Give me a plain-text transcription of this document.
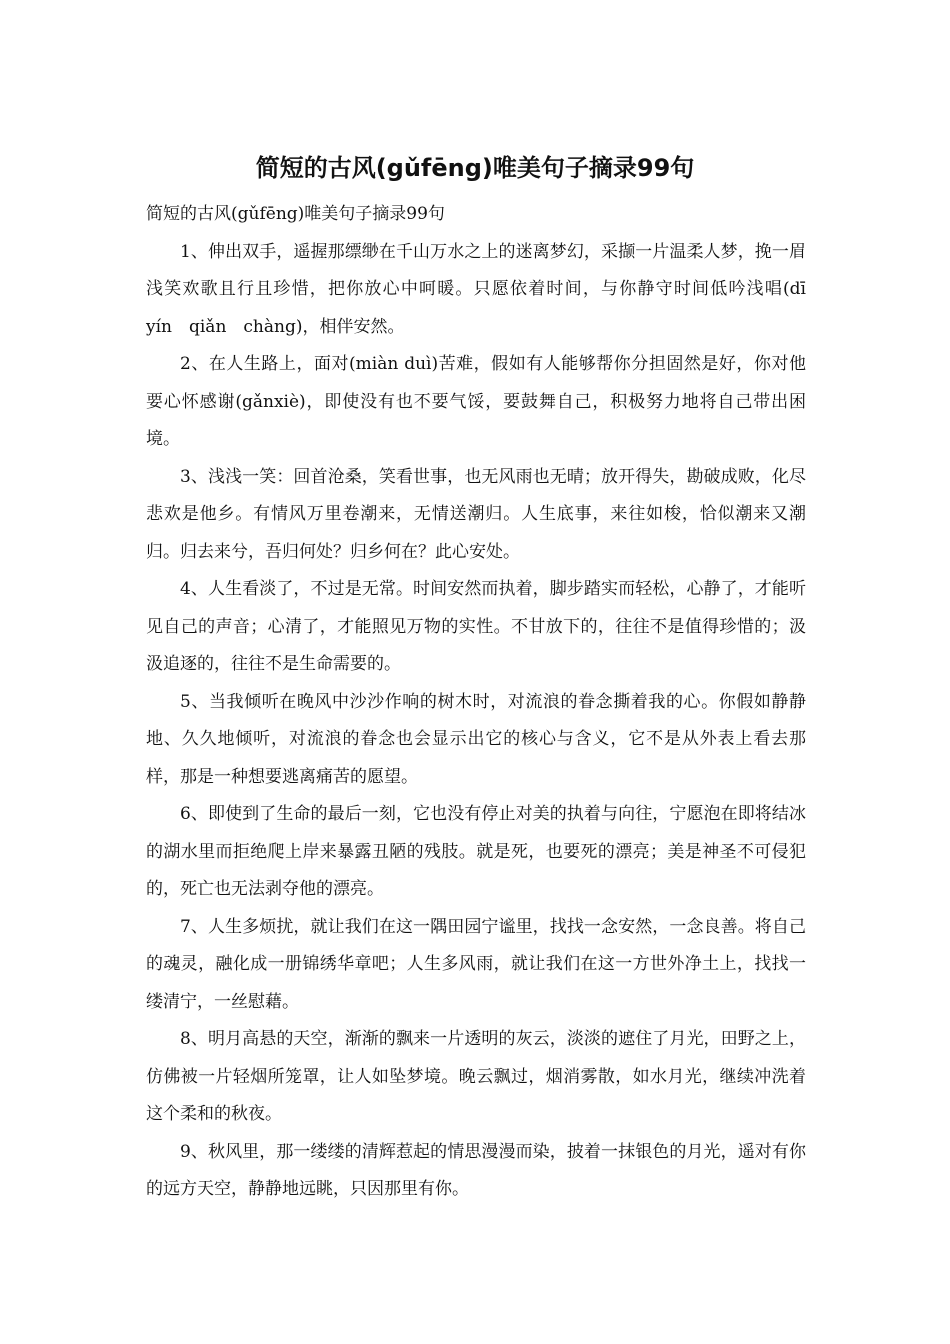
简短的古风(gǔfēng)唯美句子摘录99句

简短的古风(gǔfēng)唯美句子摘录99句

1、伸出双手，遥握那缥缈在千山万水之上的迷离梦幻，采撷一片温柔人梦，挽一眉浅笑欢歌且行且珍惜，把你放心中呵暖。只愿依着时间，与你静守时间低吟浅唱(dī　yín　qiǎn　chàng)，相伴安然。

2、在人生路上，面对(miàn duì)苦难，假如有人能够帮你分担固然是好，你对他要心怀感谢(gǎnxiè)，即使没有也不要气馁，要鼓舞自己，积极努力地将自己带出困境。

3、浅浅一笑：回首沧桑，笑看世事，也无风雨也无晴；放开得失，勘破成败，化尽悲欢是他乡。有情风万里卷潮来，无情送潮归。人生底事，来往如梭，恰似潮来又潮归。归去来兮，吾归何处？归乡何在？此心安处。

4、人生看淡了，不过是无常。时间安然而执着，脚步踏实而轻松，心静了，才能听见自己的声音；心清了，才能照见万物的实性。不甘放下的，往往不是值得珍惜的；汲汲追逐的，往往不是生命需要的。

5、当我倾听在晚风中沙沙作响的树木时，对流浪的眷念撕着我的心。你假如静静地、久久地倾听，对流浪的眷念也会显示出它的核心与含义，它不是从外表上看去那样，那是一种想要逃离痛苦的愿望。

6、即使到了生命的最后一刻，它也没有停止对美的执着与向往，宁愿泡在即将结冰的湖水里而拒绝爬上岸来暴露丑陋的残肢。就是死，也要死的漂亮；美是神圣不可侵犯的，死亡也无法剥夺他的漂亮。

7、人生多烦扰，就让我们在这一隅田园宁谧里，找找一念安然，一念良善。将自己的魂灵，融化成一册锦绣华章吧；人生多风雨，就让我们在这一方世外净土上，找找一缕清宁，一丝慰藉。

8、明月高悬的天空，渐渐的飘来一片透明的灰云，淡淡的遮住了月光，田野之上，仿佛被一片轻烟所笼罩，让人如坠梦境。晚云飘过，烟消雾散，如水月光，继续冲洗着这个柔和的秋夜。

9、秋风里，那一缕缕的清辉惹起的情思漫漫而染，披着一抹银色的月光，遥对有你的远方天空，静静地远眺，只因那里有你。
